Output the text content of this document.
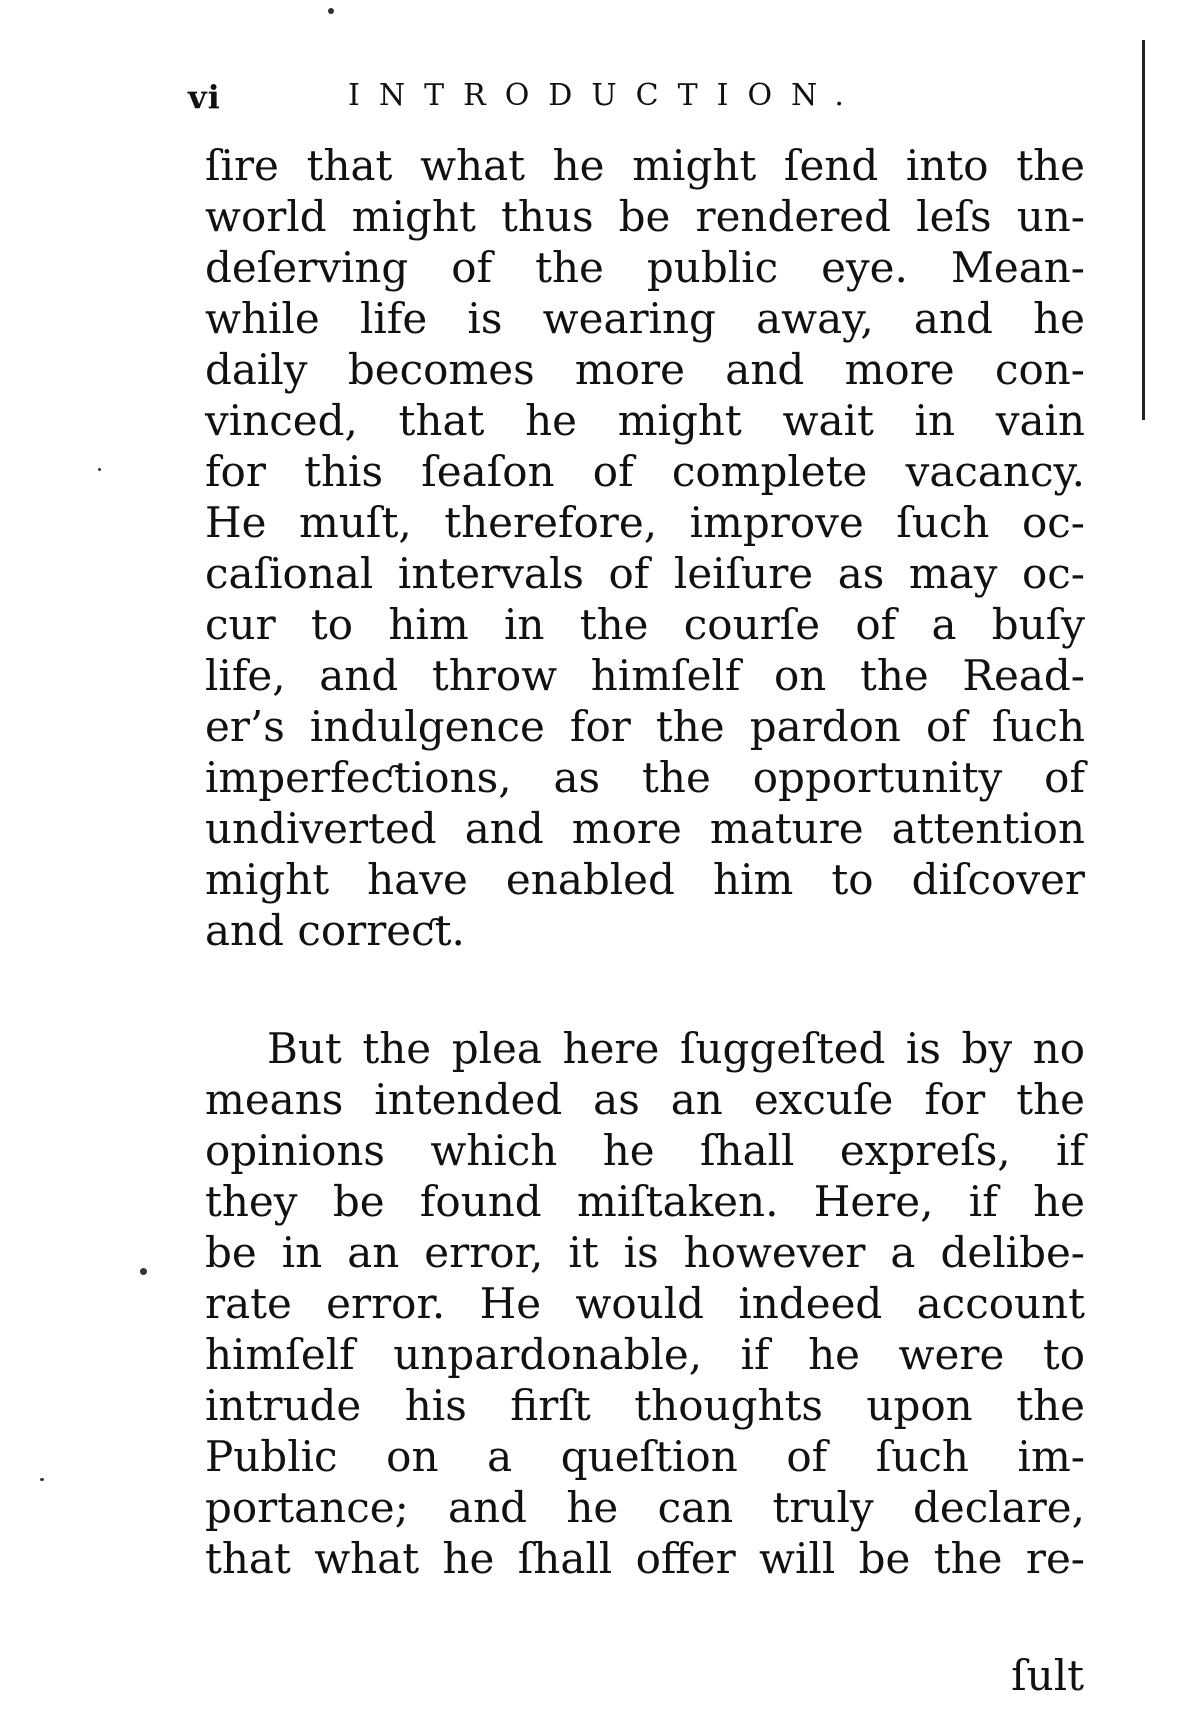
vi	INTRODUCTION.
ſire that what he might ſend into the
world might thus be rendered leſs un-
deſerving of the public eye. Mean-
while life is wearing away, and he
daily becomes more and more con-
vinced, that he might wait in vain
for this ſeaſon of complete vacancy.
He muſt, therefore, improve ſuch oc-
caſional intervals of leiſure as may oc-
cur to him in the courſe of a buſy
life, and throw himſelf on the Read-
er’s indulgence for the pardon of ſuch
imperfeƈtions, as the opportunity of
undiverted and more mature attention
might have enabled him to diſcover
and correƈt.
But the plea here ſuggeſted is by no
means intended as an excuſe for the
opinions which he ſhall expreſs, if
they be found miſtaken. Here, if he
be in an error, it is however a delibe-
rate error. He would indeed account
himſelf unpardonable, if he were to
intrude his firſt thoughts upon the
Public on a queſtion of ſuch im-
portance; and he can truly declare,
that what he ſhall offer will be the re-
ſult
